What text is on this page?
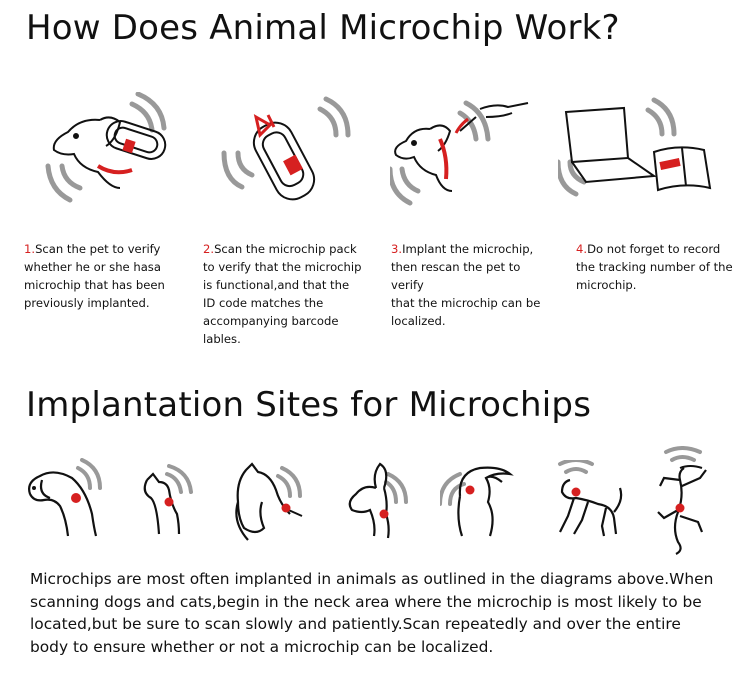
How Does Animal Microchip Work?
1.Scan the pet to verify
whether he or she hasa
microchip that has been
previously implanted.
2.Scan the microchip pack
to verify that the microchip
is functional,and that the
ID code matches the
accompanying barcode
lables.
3.Implant the microchip,
then rescan the pet to verify
that the microchip can be
localized.
4.Do not forget to record
the tracking number of the
microchip.
Implantation Sites for Microchips
Microchips are most often implanted in animals as outlined in the diagrams above.When
scanning dogs and cats,begin in the neck area where the microchip is most likely to be
located,but be sure to scan slowly and patiently.Scan repeatedly and over the entire
body to ensure whether or not a microchip can be localized.
